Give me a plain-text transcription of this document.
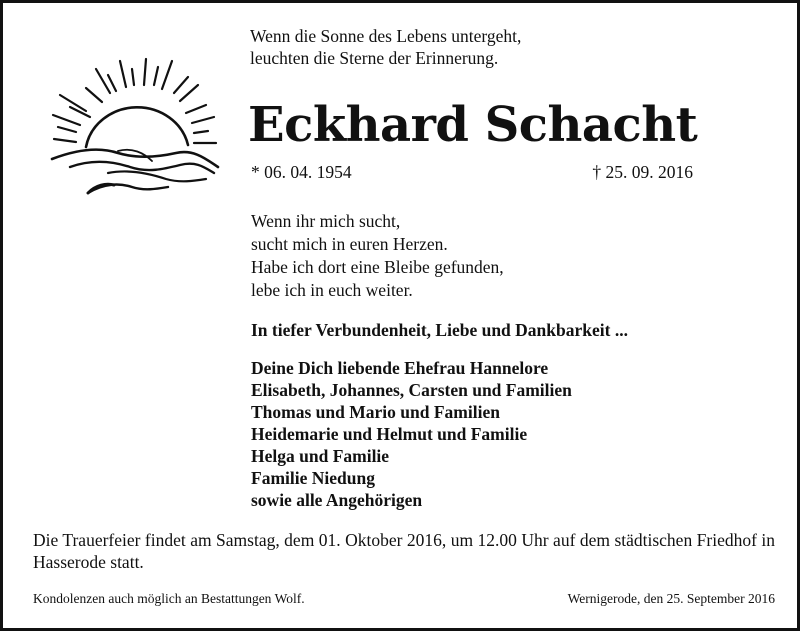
Wenn die Sonne des Lebens untergeht,
leuchten die Sterne der Erinnerung.
Eckhard Schacht
* 06. 04. 1954	† 25. 09. 2016
Wenn ihr mich sucht,
sucht mich in euren Herzen.
Habe ich dort eine Bleibe gefunden,
lebe ich in euch weiter.
In tiefer Verbundenheit, Liebe und Dankbarkeit ...
Deine Dich liebende Ehefrau Hannelore
Elisabeth, Johannes, Carsten und Familien
Thomas und Mario und Familien
Heidemarie und Helmut und Familie
Helga und Familie
Familie Niedung
sowie alle Angehörigen
Die Trauerfeier findet am Samstag, dem 01. Oktober 2016, um 12.00 Uhr auf dem städtischen Friedhof in Hasserode statt.
Kondolenzen auch möglich an Bestattungen Wolf.	Wernigerode, den 25. September 2016
